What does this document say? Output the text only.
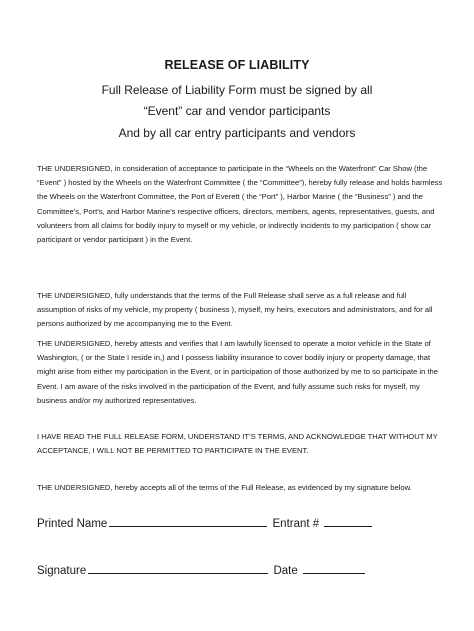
RELEASE OF LIABILITY

Full Release of Liability Form must be signed by all

“Event” car and vendor participants

And by all car entry participants and vendors

THE UNDERSIGNED, in consideration of acceptance to participate in the “Wheels on the Waterfront” Car Show (the “Event” ) hosted by the Wheels on the Waterfront Committee ( the “Committee”), hereby fully release and holds harmless the Wheels on the Waterfront Committee, the Port of Everett ( the “Port” ), Harbor Marine ( the “Business” ) and the Committee’s, Port’s, and Harbor Marine’s respective officers, directors, members, agents, representatives, guests, and volunteers from all claims for bodily injury to myself or my vehicle, or indirectly incidents to my participation ( show car participant or vendor participant ) in the Event.

THE UNDERSIGNED, fully understands that the terms of the Full Release shall serve as a full release and full assumption of risks of my vehicle, my property ( business ), myself, my heirs, executors and administrators, and for all persons authorized by me accompanying me to the Event.

THE UNDERSIGNED, hereby attests and verifies that I am lawfully licensed to operate a motor vehicle in the State of Washington, ( or the State I reside in,) and I possess liability insurance to cover bodily injury or property damage, that might arise from either my participation in the Event, or in participation of those authorized by me to so participate in the Event. I am aware of the risks involved in the participation of the Event, and fully assume such risks for myself, my business and/or my authorized representatives.

I HAVE READ THE FULL RELEASE FORM, UNDERSTAND IT’S TERMS, AND ACKNOWLEDGE THAT WITHOUT MY ACCEPTANCE, I WILL NOT BE PERMITTED TO PARTICIPATE IN THE EVENT.

THE UNDERSIGNED, hereby accepts all of the terms of the Full Release, as evidenced by my signature below.

Printed Name	Entrant #
Signature	Date
